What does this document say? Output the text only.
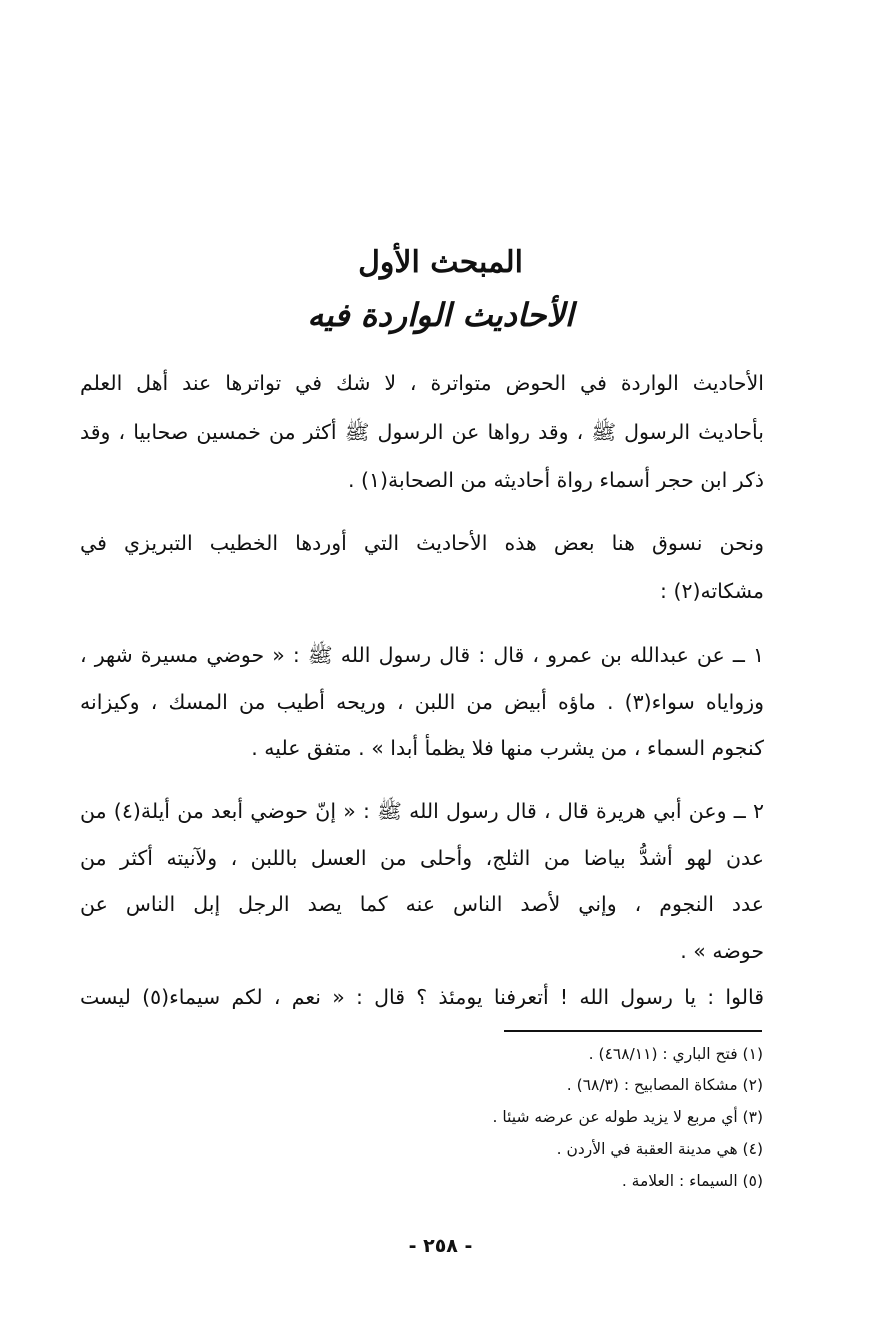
المبحث الأول
الأحاديث الواردة فيه
الأحاديث الواردة في الحوض متواترة ، لا شك في تواترها عند أهل العلم
بأحاديث الرسول ﷺ ، وقد رواها عن الرسول ﷺ أكثر من خمسين صحابيا ، وقد
ذكر ابن حجر أسماء رواة أحاديثه من الصحابة(١) .
ونحن نسوق هنا بعض هذه الأحاديث التي أوردها الخطيب التبريزي في
مشكاته(٢) :
١ ــ عن عبدالله بن عمرو ، قال : قال رسول الله ﷺ : « حوضي مسيرة شهر ،
وزواياه سواء(٣) . ماؤه أبيض من اللبن ، وريحه أطيب من المسك ، وكيزانه
كنجوم السماء ، من يشرب منها فلا يظمأ أبدا » . متفق عليه .
٢ ــ وعن أبي هريرة قال ، قال رسول الله ﷺ : « إنّ حوضي أبعد من أيلة(٤) من
عدن لهو أشدُّ بياضا من الثلج، وأحلى من العسل باللبن ، ولآنيته أكثر من
عدد النجوم ، وإني لأصد الناس عنه كما يصد الرجل إبل الناس عن
حوضه » .
قالوا : يا رسول الله ! أتعرفنا يومئذ ؟ قال : « نعم ، لكم سيماء(٥) ليست
(١) فتح الباري : (٤٦٨/١١) .
(٢) مشكاة المصابيح : (٦٨/٣) .
(٣) أي مربع لا يزيد طوله عن عرضه شيئا .
(٤) هي مدينة العقبة في الأردن .
(٥) السيماء : العلامة .
- ٢٥٨ -
